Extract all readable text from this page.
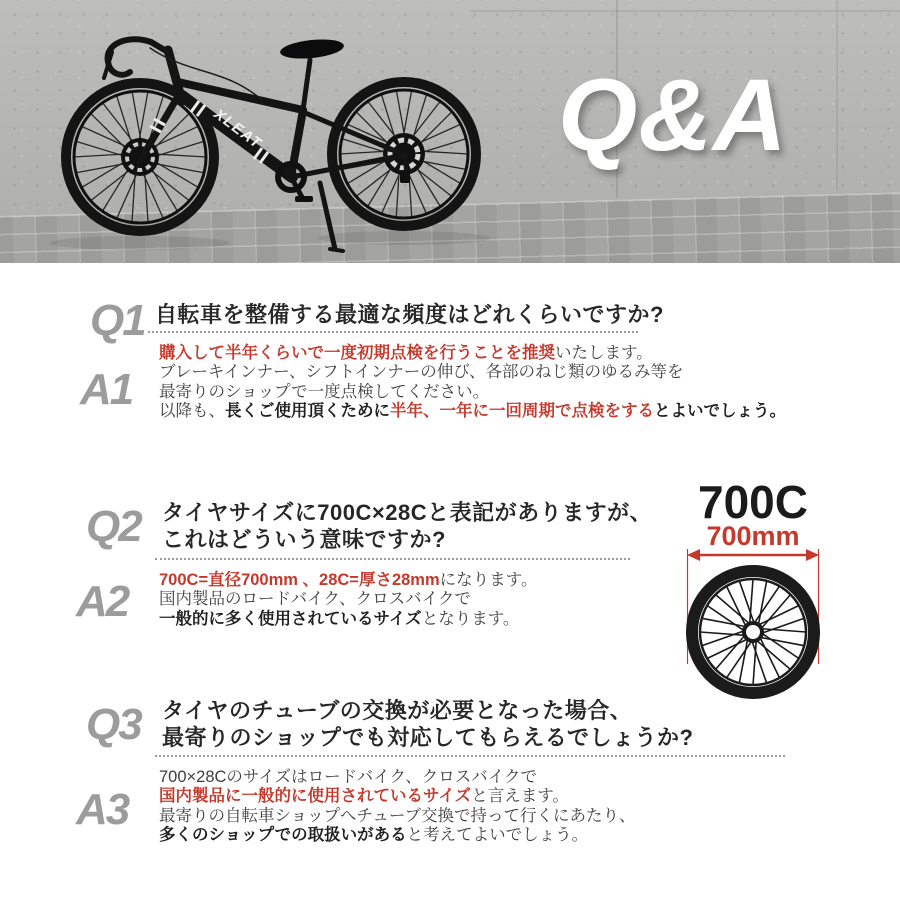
XLEAT	Q&A
Q1 自転車を整備する最適な頻度はどれくらいですか?
A1
購入して半年くらいで一度初期点検を行うことを推奨いたします。
ブレーキインナー、シフトインナーの伸び、各部のねじ類のゆるみ等を
最寄りのショップで一度点検してください。
以降も、長くご使用頂くために半年、一年に一回周期で点検をするとよいでしょう。
Q2 タイヤサイズに700C×28Cと表記がありますが、
これはどういう意味ですか?
A2 700C=直径700mm 、28C=厚さ28mmになります。
国内製品のロードバイク、クロスバイクで
一般的に多く使用されているサイズとなります。
700C
700mm
Q3 タイヤのチューブの交換が必要となった場合、
最寄りのショップでも対応してもらえるでしょうか?
A3
700×28Cのサイズはロードバイク、クロスバイクで
国内製品に一般的に使用されているサイズと言えます。
最寄りの自転車ショップへチューブ交換で持って行くにあたり、
多くのショップでの取扱いがあると考えてよいでしょう。
